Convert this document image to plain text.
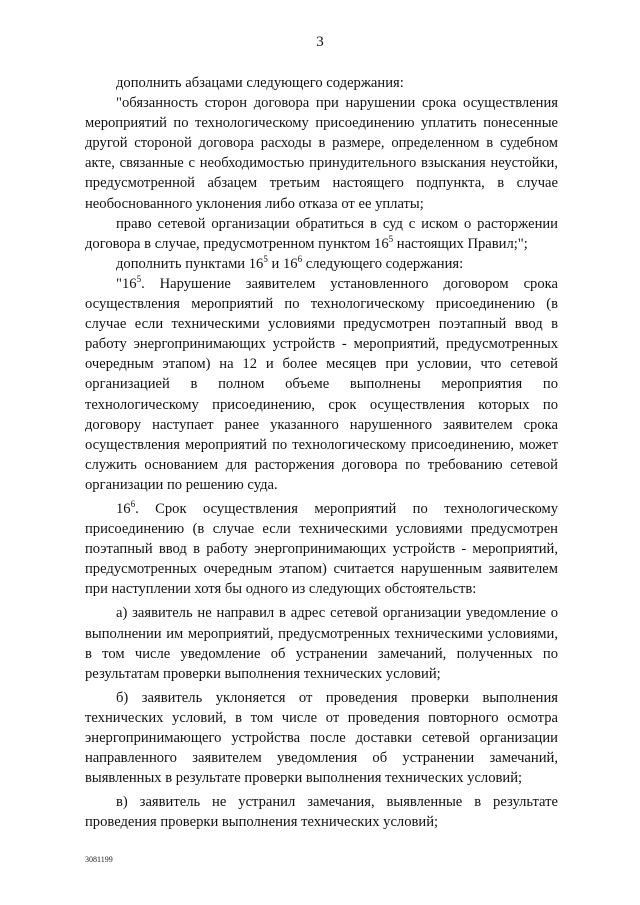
3

дополнить абзацами следующего содержания:

"обязанность сторон договора при нарушении срока осуществления мероприятий по технологическому присоединению уплатить понесенные другой стороной договора расходы в размере, определенном в судебном акте, связанные с необходимостью принудительного взыскания неустойки, предусмотренной абзацем третьим настоящего подпункта, в случае необоснованного уклонения либо отказа от ее уплаты;

право сетевой организации обратиться в суд с иском о расторжении договора в случае, предусмотренном пунктом $16^5$ настоящих Правил;";

дополнить пунктами $16^5$ и $16^6$ следующего содержания:

"$16^5$. Нарушение заявителем установленного договором срока осуществления мероприятий по технологическому присоединению (в случае если техническими условиями предусмотрен поэтапный ввод в работу энергопринимающих устройств - мероприятий, предусмотренных очередным этапом) на 12 и более месяцев при условии, что сетевой организацией в полном объеме выполнены мероприятия по технологическому присоединению, срок осуществления которых по договору наступает ранее указанного нарушенного заявителем срока осуществления мероприятий по технологическому присоединению, может служить основанием для расторжения договора по требованию сетевой организации по решению суда.

$16^6$. Срок осуществления мероприятий по технологическому присоединению (в случае если техническими условиями предусмотрен поэтапный ввод в работу энергопринимающих устройств - мероприятий, предусмотренных очередным этапом) считается нарушенным заявителем при наступлении хотя бы одного из следующих обстоятельств:

а) заявитель не направил в адрес сетевой организации уведомление о выполнении им мероприятий, предусмотренных техническими условиями, в том числе уведомление об устранении замечаний, полученных по результатам проверки выполнения технических условий;

б) заявитель уклоняется от проведения проверки выполнения технических условий, в том числе от проведения повторного осмотра энергопринимающего устройства после доставки сетевой организации направленного заявителем уведомления об устранении замечаний, выявленных в результате проверки выполнения технических условий;

в) заявитель не устранил замечания, выявленные в результате проведения проверки выполнения технических условий;

3081199
